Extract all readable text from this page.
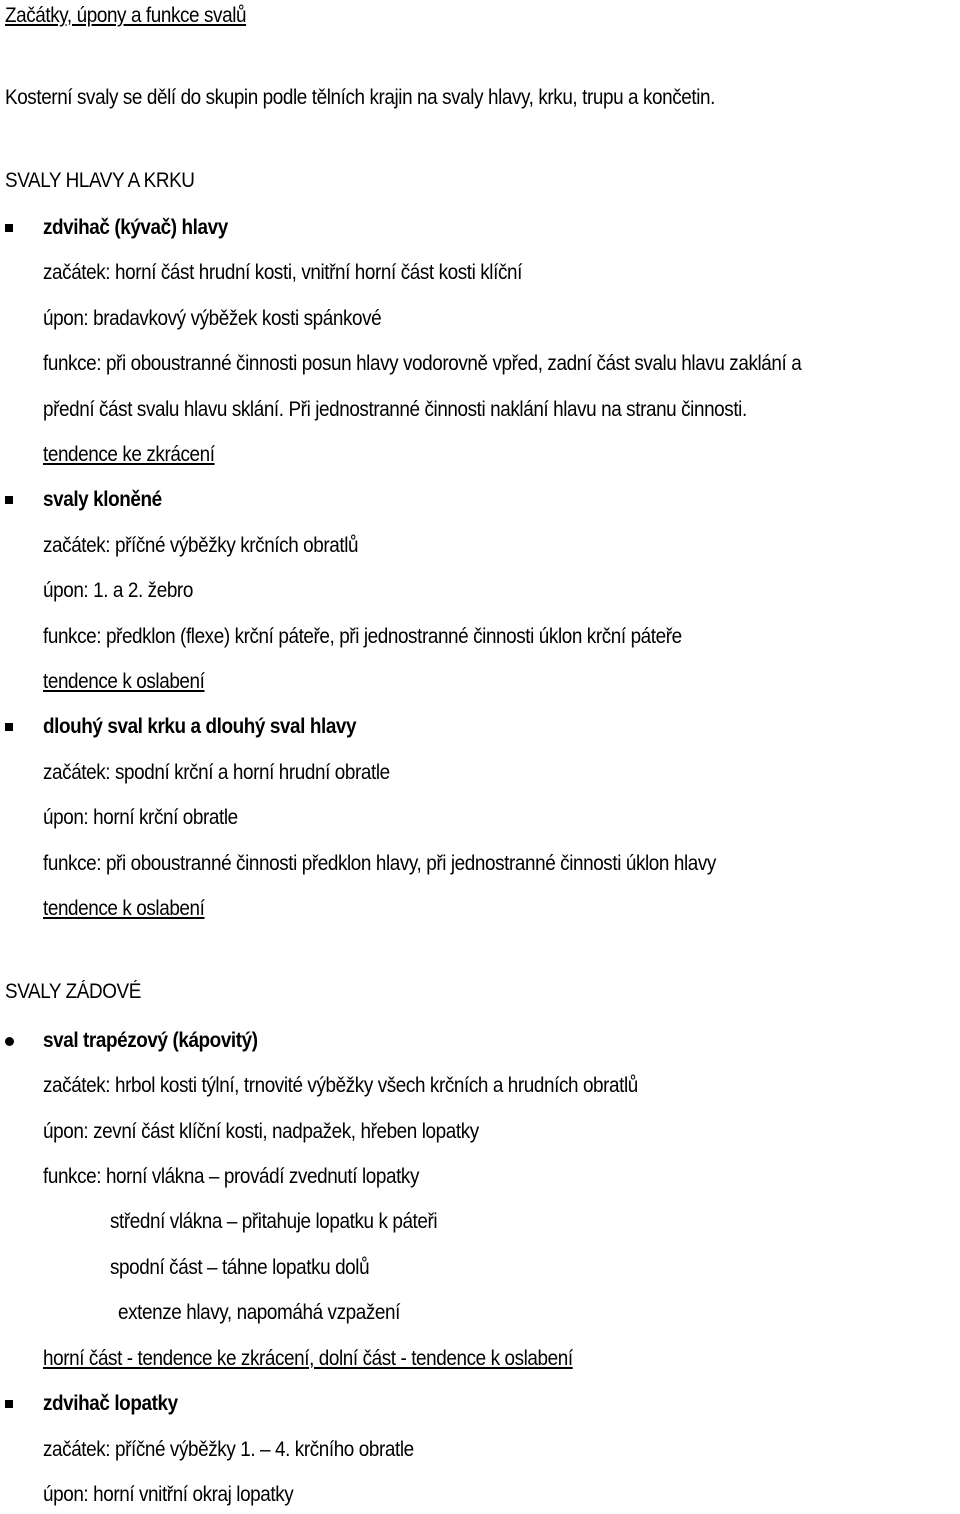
Začátky, úpony a funkce svalů
Kosterní svaly se dělí do skupin podle tělních krajin na svaly hlavy, krku, trupu a končetin.
SVALY HLAVY A KRKU
zdvihač (kývač) hlavy
začátek: horní část hrudní kosti, vnitřní horní část kosti klíční
úpon: bradavkový výběžek kosti spánkové
funkce: při oboustranné činnosti posun hlavy vodorovně vpřed, zadní část svalu hlavu zaklání a
přední část svalu hlavu sklání. Při jednostranné činnosti naklání hlavu na stranu činnosti.
tendence ke zkrácení
svaly kloněné
začátek: příčné výběžky krčních obratlů
úpon: 1. a 2. žebro
funkce: předklon (flexe) krční páteře, při jednostranné činnosti úklon krční páteře
tendence k oslabení
dlouhý sval krku a dlouhý sval hlavy
začátek: spodní krční a horní hrudní obratle
úpon: horní krční obratle
funkce: při oboustranné činnosti předklon hlavy, při jednostranné činnosti úklon hlavy
tendence k oslabení
SVALY ZÁDOVÉ
sval trapézový (kápovitý)
začátek: hrbol kosti týlní, trnovité výběžky všech krčních a hrudních obratlů
úpon: zevní část klíční kosti, nadpažek, hřeben lopatky
funkce: horní vlákna – provádí zvednutí lopatky
střední vlákna – přitahuje lopatku k páteři
spodní část – táhne lopatku dolů
extenze hlavy, napomáhá vzpažení
horní část - tendence ke zkrácení, dolní část - tendence k oslabení
zdvihač lopatky
začátek: příčné výběžky 1. – 4. krčního obratle
úpon: horní vnitřní okraj lopatky
